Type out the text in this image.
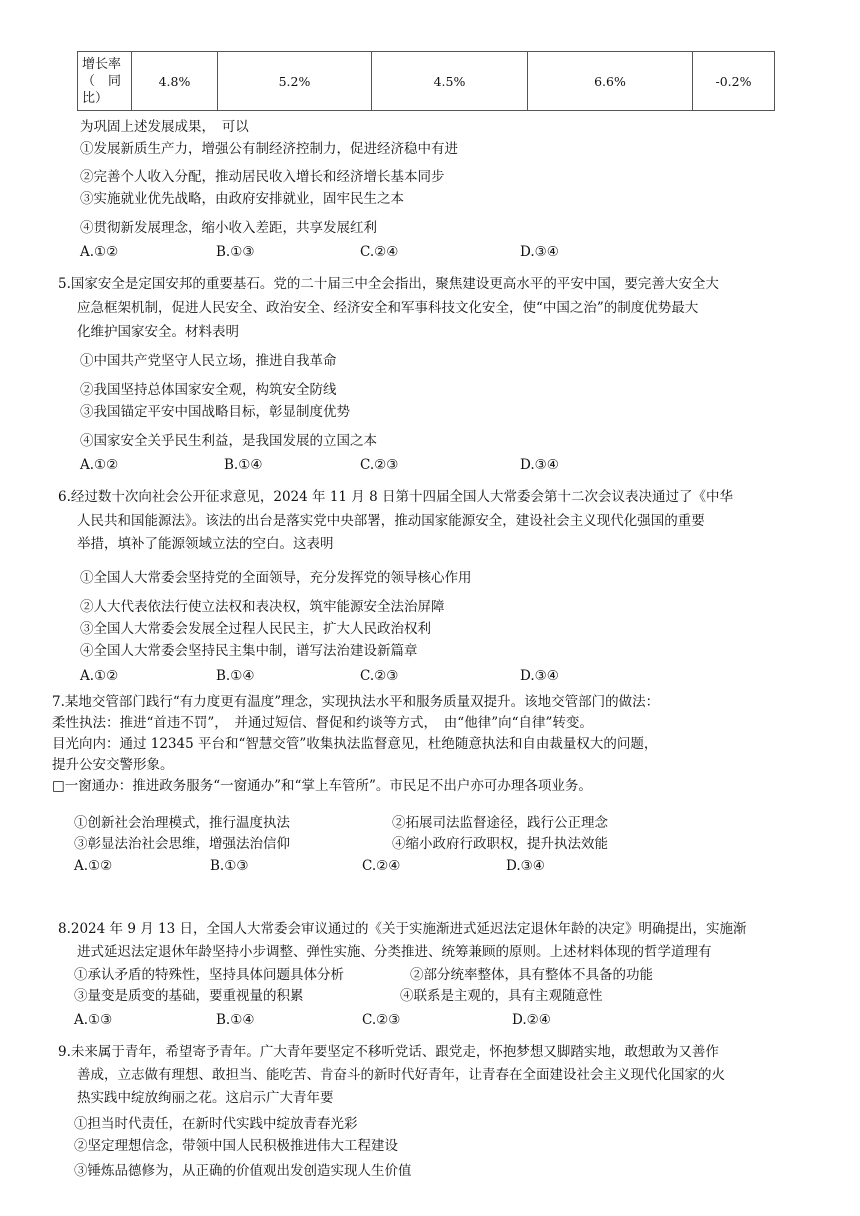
增长率
（　同
比）
	4.8%	5.2%	4.5%	6.6%	-0.2%
为巩固上述发展成果，　可以
①发展新质生产力，增强公有制经济控制力，促进经济稳中有进
②完善个人收入分配，推动居民收入增长和经济增长基本同步
③实施就业优先战略，由政府安排就业，固牢民生之本
④贯彻新发展理念，缩小收入差距，共享发展红利
A.①②	B.①③	C.②④	D.③④
5.国家安全是定国安邦的重要基石。党的二十届三中全会指出，聚焦建设更高水平的平安中国，要完善大安全大
应急框架机制，促进人民安全、政治安全、经济安全和军事科技文化安全，使“中国之治”的制度优势最大
化维护国家安全。材料表明
①中国共产党坚守人民立场，推进自我革命
②我国坚持总体国家安全观，构筑安全防线
③我国锚定平安中国战略目标，彰显制度优势
④国家安全关乎民生利益，是我国发展的立国之本
A.①②	B.①④	C.②③	D.③④
6.经过数十次向社会公开征求意见，2024 年 11 月 8 日第十四届全国人大常委会第十二次会议表决通过了《中华
人民共和国能源法》。该法的出台是落实党中央部署，推动国家能源安全，建设社会主义现代化强国的重要
举措，填补了能源领域立法的空白。这表明
①全国人大常委会坚持党的全面领导，充分发挥党的领导核心作用
②人大代表依法行使立法权和表决权，筑牢能源安全法治屏障
③全国人大常委会发展全过程人民民主，扩大人民政治权利
④全国人大常委会坚持民主集中制，谱写法治建设新篇章
A.①②	B.①④	C.②③	D.③④
7.某地交管部门践行“有力度更有温度”理念，实现执法水平和服务质量双提升。该地交管部门的做法：
柔性执法：推进“首违不罚”，　并通过短信、督促和约谈等方式，　由“他律”向“自律”转变。
目光向内：通过 12345 平台和“智慧交管”收集执法监督意见，杜绝随意执法和自由裁量权大的问题，
提升公安交警形象。
□一窗通办：推进政务服务“一窗通办”和“掌上车管所”。市民足不出户亦可办理各项业务。
①创新社会治理模式，推行温度执法	②拓展司法监督途径，践行公正理念
③彰显法治社会思维，增强法治信仰	④缩小政府行政职权，提升执法效能
A.①②	B.①③	C.②④	D.③④
8.2024 年 9 月 13 日，全国人大常委会审议通过的《关于实施渐进式延迟法定退休年龄的决定》明确提出，实施渐
进式延迟法定退休年龄坚持小步调整、弹性实施、分类推进、统筹兼顾的原则。上述材料体现的哲学道理有
①承认矛盾的特殊性，坚持具体问题具体分析	②部分统率整体，具有整体不具备的功能
③量变是质变的基础，要重视量的积累	④联系是主观的，具有主观随意性
A.①③	B.①④	C.②③	D.②④
9.未来属于青年，希望寄予青年。广大青年要坚定不移听党话、跟党走，怀抱梦想又脚踏实地，敢想敢为又善作
善成，立志做有理想、敢担当、能吃苦、肯奋斗的新时代好青年，让青春在全面建设社会主义现代化国家的火
热实践中绽放绚丽之花。这启示广大青年要
①担当时代责任，在新时代实践中绽放青春光彩
②坚定理想信念，带领中国人民积极推进伟大工程建设
③锤炼品德修为，从正确的价值观出发创造实现人生价值
